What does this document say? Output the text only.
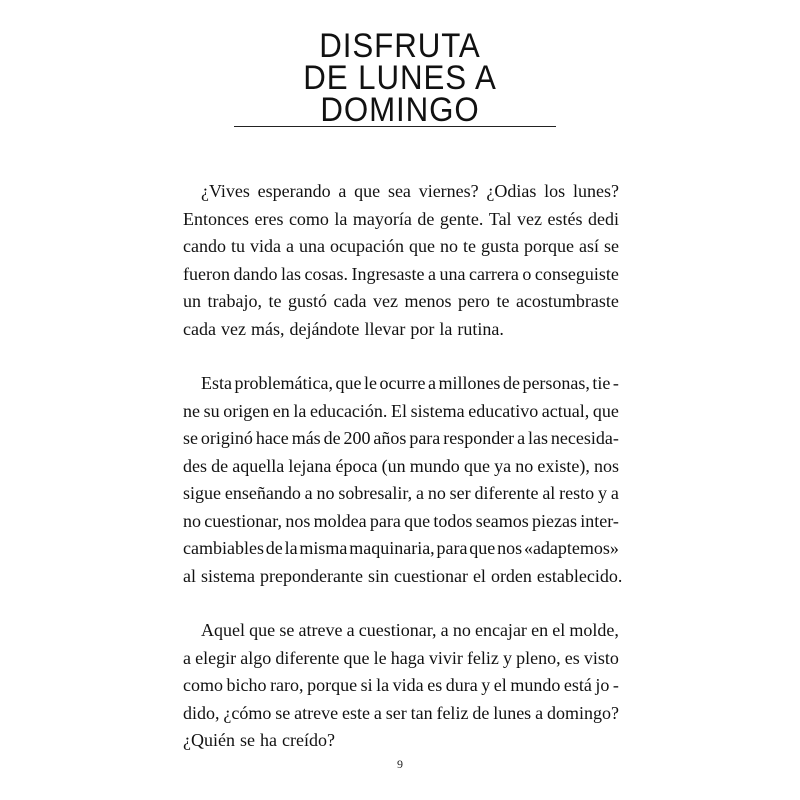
DISFRUTA
DE LUNES A
DOMINGO
¿Vives esperando a que sea viernes? ¿Odias los lunes?
Entonces eres como la mayoría de gente. Tal vez estés dedi
cando tu vida a una ocupación que no te gusta porque así se
fueron dando las cosas. Ingresaste a una carrera o conseguiste
un trabajo, te gustó cada vez menos pero te acostumbraste
cada vez más, dejándote llevar por la rutina.
Esta problemática, que le ocurre a millones de personas, tie -
ne su origen en la educación. El sistema educativo actual, que
se originó hace más de 200 años para responder a las necesida-
des de aquella lejana época (un mundo que ya no existe), nos
sigue enseñando a no sobresalir, a no ser diferente al resto y a
no cuestionar, nos moldea para que todos seamos piezas inter-
cambiables de la misma maquinaria, para que nos «adaptemos»
al sistema preponderante sin cuestionar el orden establecido.
Aquel que se atreve a cuestionar, a no encajar en el molde,
a elegir algo diferente que le haga vivir feliz y pleno, es visto
como bicho raro, porque si la vida es dura y el mundo está jo -
dido, ¿cómo se atreve este a ser tan feliz de lunes a domingo?
¿Quién se ha creído?
9
